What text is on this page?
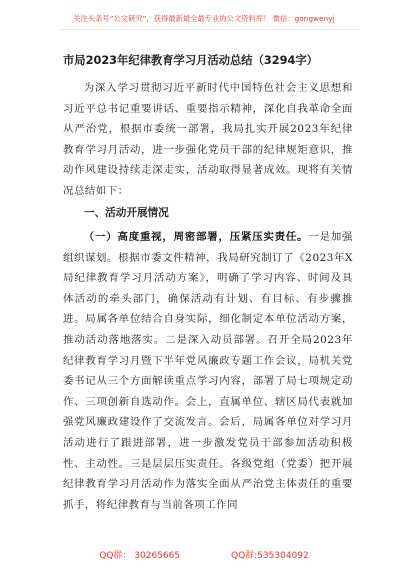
关注头条号“公文研究”，获得最新最全最专业的公文资料库！ 微信：gongwenyj
市局2023年纪律教育学习月活动总结（3294字）

为深入学习贯彻习近平新时代中国特色社会主义思想和习近平总书记重要讲话、重要指示精神，深化自我革命全面从严治党，根据市委统一部署，我局扎实开展2023年纪律教育学习月活动，进一步强化党员干部的纪律规矩意识，推动作风建设持续走深走实，活动取得显著成效。现将有关情况总结如下：

一、活动开展情况

（一）高度重视，周密部署，压紧压实责任。一是加强组织谋划。根据市委文件精神，我局研究制订了《2023年X局纪律教育学习月活动方案》，明确了学习内容、时间及具体活动的牵头部门，确保活动有计划、有目标、有步骤推进。局属各单位结合自身实际，细化制定本单位活动方案，推动活动落地落实。二是深入动员部署。召开全局2023年纪律教育学习月暨下半年党风廉政专题工作会议，局机关党委书记从三个方面解读重点学习内容，部署了局七项规定动作、三项创新自选动作。会上，直属单位、辖区局代表就加强党风廉政建设作了交流发言。会后，局属各单位对学习月活动进行了跟进部署，进一步激发党员干部参加活动积极性、主动性。三是层层压实责任。各级党组（党委）把开展纪律教育学习月活动作为落实全面从严治党主体责任的重要抓手，将纪律教育与当前各项工作同

QQ群： 30265665	QQ群:535304092
